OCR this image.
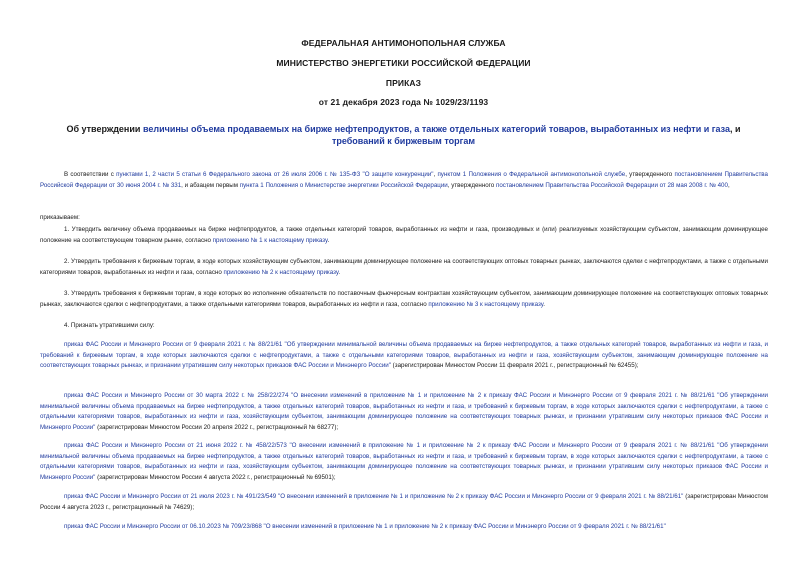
ФЕДЕРАЛЬНАЯ АНТИМОНОПОЛЬНАЯ СЛУЖБА
МИНИСТЕРСТВО ЭНЕРГЕТИКИ РОССИЙСКОЙ ФЕДЕРАЦИИ
ПРИКАЗ
от 21 декабря 2023 года № 1029/23/1193
Об утверждении величины объема продаваемых на бирже нефтепродуктов, а также отдельных категорий товаров, выработанных из нефти и газа, и требований к биржевым торгам
В соответствии с пунктами 1, 2 части 5 статьи 6 Федерального закона от 26 июля 2006 г. № 135-ФЗ "О защите конкуренции", пунктом 1 Положения о Федеральной антимонопольной службе, утвержденного постановлением Правительства Российской Федерации от 30 июня 2004 г. № 331, и абзацем первым пункта 1 Положения о Министерстве энергетики Российской Федерации, утвержденного постановлением Правительства Российской Федерации от 28 мая 2008 г. № 400,
приказываем:
1. Утвердить величину объема продаваемых на бирже нефтепродуктов, а также отдельных категорий товаров, выработанных из нефти и газа, производимых и (или) реализуемых хозяйствующим субъектом, занимающим доминирующее положение на соответствующем товарном рынке, согласно приложению № 1 к настоящему приказу.
2. Утвердить требования к биржевым торгам, в ходе которых хозяйствующим субъектом, занимающим доминирующее положение на соответствующих оптовых товарных рынках, заключаются сделки с нефтепродуктами, а также с отдельными категориями товаров, выработанных из нефти и газа, согласно приложению № 2 к настоящему приказу.
3. Утвердить требования к биржевым торгам, в ходе которых во исполнение обязательств по поставочным фьючерсным контрактам хозяйствующим субъектом, занимающим доминирующее положение на соответствующих оптовых товарных рынках, заключаются сделки с нефтепродуктами, а также отдельными категориями товаров, выработанных из нефти и газа, согласно приложению № 3 к настоящему приказу.
4. Признать утратившими силу:
приказ ФАС России и Минэнерго России от 9 февраля 2021 г. № 88/21/61 "Об утверждении минимальной величины объема продаваемых на бирже нефтепродуктов, а также отдельных категорий товаров, выработанных из нефти и газа, и требований к биржевым торгам, в ходе которых заключаются сделки с нефтепродуктами, а также с отдельными категориями товаров, выработанных из нефти и газа, хозяйствующим субъектом, занимающим доминирующее положение на соответствующих товарных рынках, и признании утратившим силу некоторых приказов ФАС России и Минэнерго России" (зарегистрирован Минюстом России 11 февраля 2021 г., регистрационный № 62455);
приказ ФАС России и Минэнерго России от 30 марта 2022 г. № 258/22/274 "О внесении изменений в приложение № 1 и приложение № 2 к приказу ФАС России и Минэнерго России от 9 февраля 2021 г. № 88/21/61 "Об утверждении минимальной величины объема продаваемых на бирже нефтепродуктов, а также отдельных категорий товаров, выработанных из нефти и газа, и требований к биржевым торгам, в ходе которых заключаются сделки с нефтепродуктами, а также с отдельными категориями товаров, выработанных из нефти и газа, хозяйствующим субъектом, занимающим доминирующее положение на соответствующих товарных рынках, и признании утратившим силу некоторых приказов ФАС России и Минэнерго России" (зарегистрирован Минюстом России 20 апреля 2022 г., регистрационный № 68277);
приказ ФАС России и Минэнерго России от 21 июня 2022 г. № 458/22/573 "О внесении изменений в приложение № 1 и приложение № 2 к приказу ФАС России и Минэнерго России от 9 февраля 2021 г. № 88/21/61 "Об утверждении минимальной величины объема продаваемых на бирже нефтепродуктов, а также отдельных категорий товаров, выработанных из нефти и газа, и требований к биржевым торгам, в ходе которых заключаются сделки с нефтепродуктами, а также с отдельными категориями товаров, выработанных из нефти и газа, хозяйствующим субъектом, занимающим доминирующее положение на соответствующих товарных рынках, и признании утратившим силу некоторых приказов ФАС России и Минэнерго России" (зарегистрирован Минюстом России 4 августа 2022 г., регистрационный № 69501);
приказ ФАС России и Минэнерго России от 21 июля 2023 г. № 491/23/549 "О внесении изменений в приложение № 1 и приложение № 2 к приказу ФАС России и Минэнерго России от 9 февраля 2021 г. № 88/21/61" (зарегистрирован Минюстом России 4 августа 2023 г., регистрационный № 74629);
приказ ФАС России и Минэнерго России от 06.10.2023 № 709/23/868 "О внесении изменений в приложение № 1 и приложение № 2 к приказу ФАС России и Минэнерго России от 9 февраля 2021 г. № 88/21/61"
